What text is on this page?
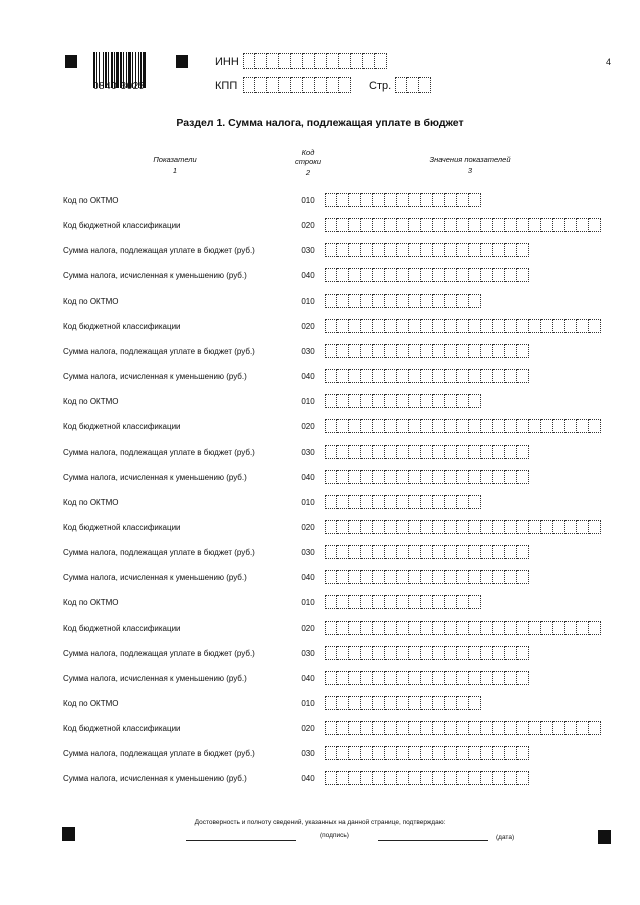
0840 3025
ИНН
КПП	Стр.
4
Раздел 1. Сумма налога, подлежащая уплате в бюджет
Показатели
1
Код
строки
2
Значения показателей
3
Код по ОКТМО	010
Код бюджетной классификации	020
Сумма налога, подлежащая уплате в бюджет (руб.)	030
Сумма налога, исчисленная к уменьшению (руб.)	040
Код по ОКТМО	010
Код бюджетной классификации	020
Сумма налога, подлежащая уплате в бюджет (руб.)	030
Сумма налога, исчисленная к уменьшению (руб.)	040
Код по ОКТМО	010
Код бюджетной классификации	020
Сумма налога, подлежащая уплате в бюджет (руб.)	030
Сумма налога, исчисленная к уменьшению (руб.)	040
Код по ОКТМО	010
Код бюджетной классификации	020
Сумма налога, подлежащая уплате в бюджет (руб.)	030
Сумма налога, исчисленная к уменьшению (руб.)	040
Код по ОКТМО	010
Код бюджетной классификации	020
Сумма налога, подлежащая уплате в бюджет (руб.)	030
Сумма налога, исчисленная к уменьшению (руб.)	040
Код по ОКТМО	010
Код бюджетной классификации	020
Сумма налога, подлежащая уплате в бюджет (руб.)	030
Сумма налога, исчисленная к уменьшению (руб.)	040
Достоверность и полноту сведений, указанных на данной странице, подтверждаю:
(подпись)	(дата)
